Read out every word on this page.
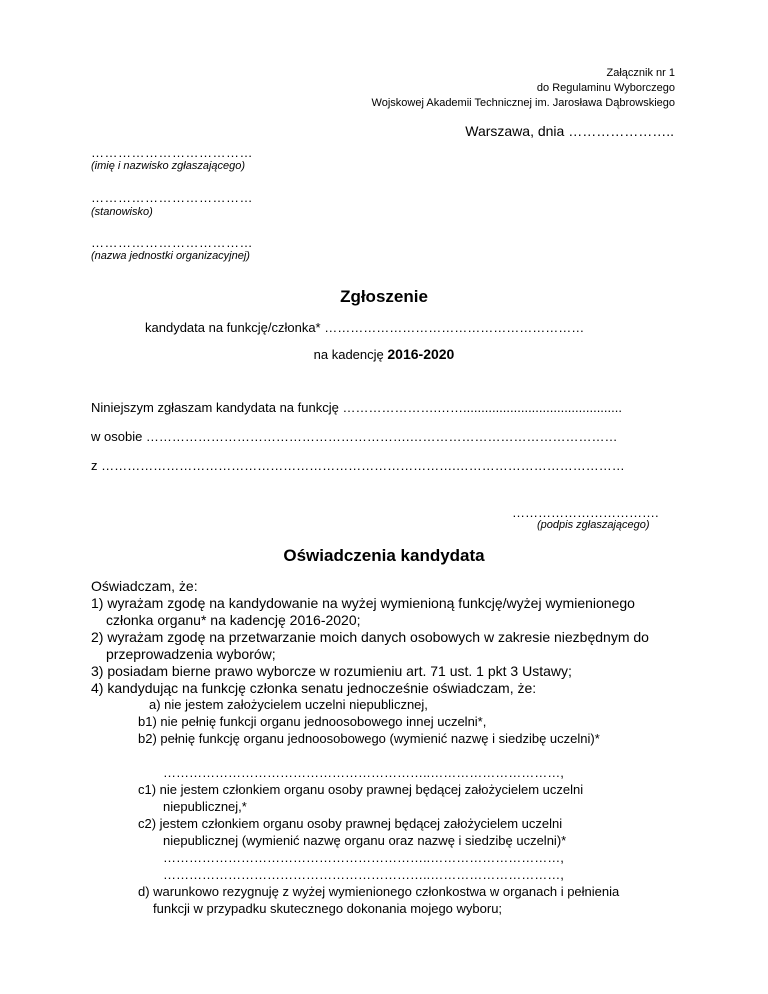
Załącznik nr 1
do Regulaminu Wyborczego
Wojskowej Akademii Technicznej im. Jarosława Dąbrowskiego
Warszawa, dnia …………………..
………………………………
(imię i nazwisko zgłaszającego)
………………………………
(stanowisko)
………………………………
(nazwa jednostki organizacyjnej)
Zgłoszenie
kandydata na funkcję/członka* ……………………………………………………
na kadencję 2016-2020
Niniejszym zgłaszam kandydata na funkcję ………………….……............................................
w osobie …………………………………………………….…………………………………………
z ……………………………………………………………………….…………………………………
…………………………….
(podpis zgłaszającego)
Oświadczenia kandydata
Oświadczam, że:
1) wyrażam zgodę na kandydowanie na wyżej wymienioną funkcję/wyżej wymienionego
członka organu* na kadencję 2016-2020;
2) wyrażam zgodę na przetwarzanie moich danych osobowych w zakresie niezbędnym do
przeprowadzenia wyborów;
3) posiadam bierne prawo wyborcze w rozumieniu art. 71 ust. 1 pkt 3 Ustawy;
4) kandydując na funkcję członka senatu jednocześnie oświadczam, że:
a) nie jestem założycielem uczelni niepublicznej,
b1) nie pełnię funkcji organu jednoosobowego innej uczelni*,
b2) pełnię funkcję organu jednoosobowego (wymienić nazwę i siedzibę uczelni)*
……………………………………………………..…………………………,
c1) nie jestem członkiem organu osoby prawnej będącej założycielem uczelni
niepublicznej,*
c2) jestem członkiem organu osoby prawnej będącej założycielem uczelni
niepublicznej (wymienić nazwę organu oraz nazwę i siedzibę uczelni)*
……………………………………………………..…………………………,
……………………………………………………..…………………………,
d) warunkowo rezygnuję z wyżej wymienionego członkostwa w organach i pełnienia
funkcji w przypadku skutecznego dokonania mojego wyboru;
